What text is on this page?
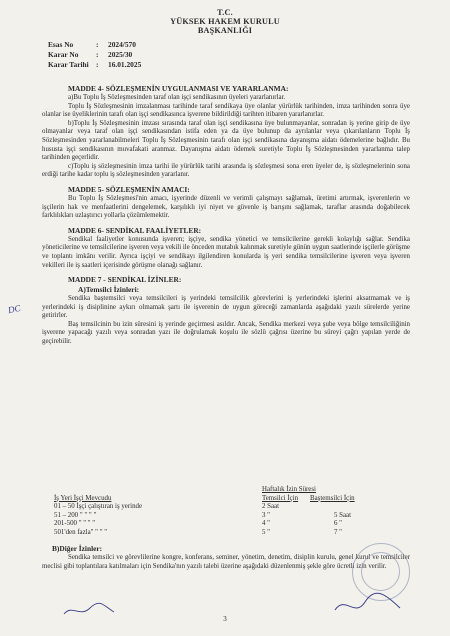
T.C.
YÜKSEK HAKEM KURULU
BAŞKANLIĞI
Esas No	: 2024/570
Karar No : 2025/30
Karar Tarihi : 16.01.2025
MADDE 4- SÖZLEŞMENİN UYGULANMASI VE YARARLANMA:

a)Bu Toplu İş Sözleşmesinden taraf olan işçi sendikasının üyeleri yararlanırlar.

Toplu İş Sözleşmesinin imzalanması tarihinde taraf sendikaya üye olanlar yürürlük tarihinden, imza tarihinden sonra üye olanlar ise üyeliklerinin tarafı olan işçi sendikasınca işverene bildirildiği tarihten itibaren yararlanırlar.

b)Toplu İş Sözleşmesinin imzası sırasında taraf olan işçi sendikasına üye bulunmayanlar, sonradan iş yerine girip de üye olmayanlar veya taraf olan işçi sendikasından istifa eden ya da üye bulunup da ayrılanlar veya çıkarılanların Toplu İş Sözleşmesinden yararlanabilmeleri Toplu İş Sözleşmesinin tarafı olan işçi sendikasına dayanışma aidatı ödemelerine bağlıdır. Bu hususta işçi sendikasının muvafakati aranmaz. Dayanışma aidatı ödemek suretiyle Toplu İş Sözleşmesinden yararlanma talep tarihinden geçerlidir.

c)Toplu iş sözleşmesinin imza tarihi ile yürürlük tarihi arasında iş sözleşmesi sona eren üyeler de, iş sözleşmelerinin sona erdiği tarihe kadar toplu iş sözleşmesinden yararlanır.

MADDE 5- SÖZLEŞMENİN AMACI:

Bu Toplu İş Sözleşmesi'nin amacı, işyerinde düzenli ve verimli çalışmayı sağlamak, üretimi artırmak, işverenlerin ve işçilerin hak ve menfaatlerini dengelemek, karşılıklı iyi niyet ve güvenle iş barışını sağlamak, taraflar arasında doğabilecek farklılıkları uzlaştırıcı yollarla çözümlemektir.

MADDE 6- SENDİKAL FAALİYETLER:

Sendikal faaliyetler konusunda işveren; işçiye, sendika yönetici ve temsilcilerine gerekli kolaylığı sağlar. Sendika yöneticilerine ve temsilcilerine işveren veya vekili ile önceden mutabık kalınmak suretiyle günün uygun saatlerinde işçilerle görüşme ve toplantı imkânı verilir. Ayrıca işçiyi ve sendikayı ilgilendiren konularda iş yeri sendika temsilcilerine işveren veya işveren vekilleri ile iş saatleri içerisinde görüşme olanağı sağlanır.

MADDE 7 - SENDİKAL İZİNLER:
A)Temsilci İzinleri:

Sendika baştemsilci veya temsilcileri iş yerindeki temsilcilik görevlerini iş yerlerindeki işlerini aksatmamak ve iş yerlerindeki iş disiplinine aykırı olmamak şartı ile işverenin de uygun göreceği zamanlarda aşağıdaki yazılı sürelerde yerine getirirler.

Baş temsilcinin bu izin süresini iş yerinde geçirmesi asıldır. Ancak, Sendika merkezi veya şube veya bölge temsilciliğinin işverene yapacağı yazılı veya sonradan yazı ile doğrulamak koşulu ile sözlü çağrısı üzerine bu süreyi çağrı yapılan yerde de geçirebilir.

Haftalık İzin Süresi
İş Yeri İşçi Mevcudu	Temsilci İçin Baştemsilci İçin
01 – 50 İşçi çalıştıran iş yerinde	2 Saat
51 – 200 " " " "	3 "	5 Saat
201-500 " " " "	4 "	6 "
501'den fazla" " " "	5 "	7 "
B)Diğer İzinler:

Sendika temsilci ve görevlilerine kongre, konferans, seminer, yönetim, denetim, disiplin kurulu, genel kurul ve temsilciler meclisi gibi toplantılara katılmaları için Sendika'nın yazılı talebi üzerine aşağıdaki düzenlenmiş şekle göre ücretli izin verilir.

DC
3
